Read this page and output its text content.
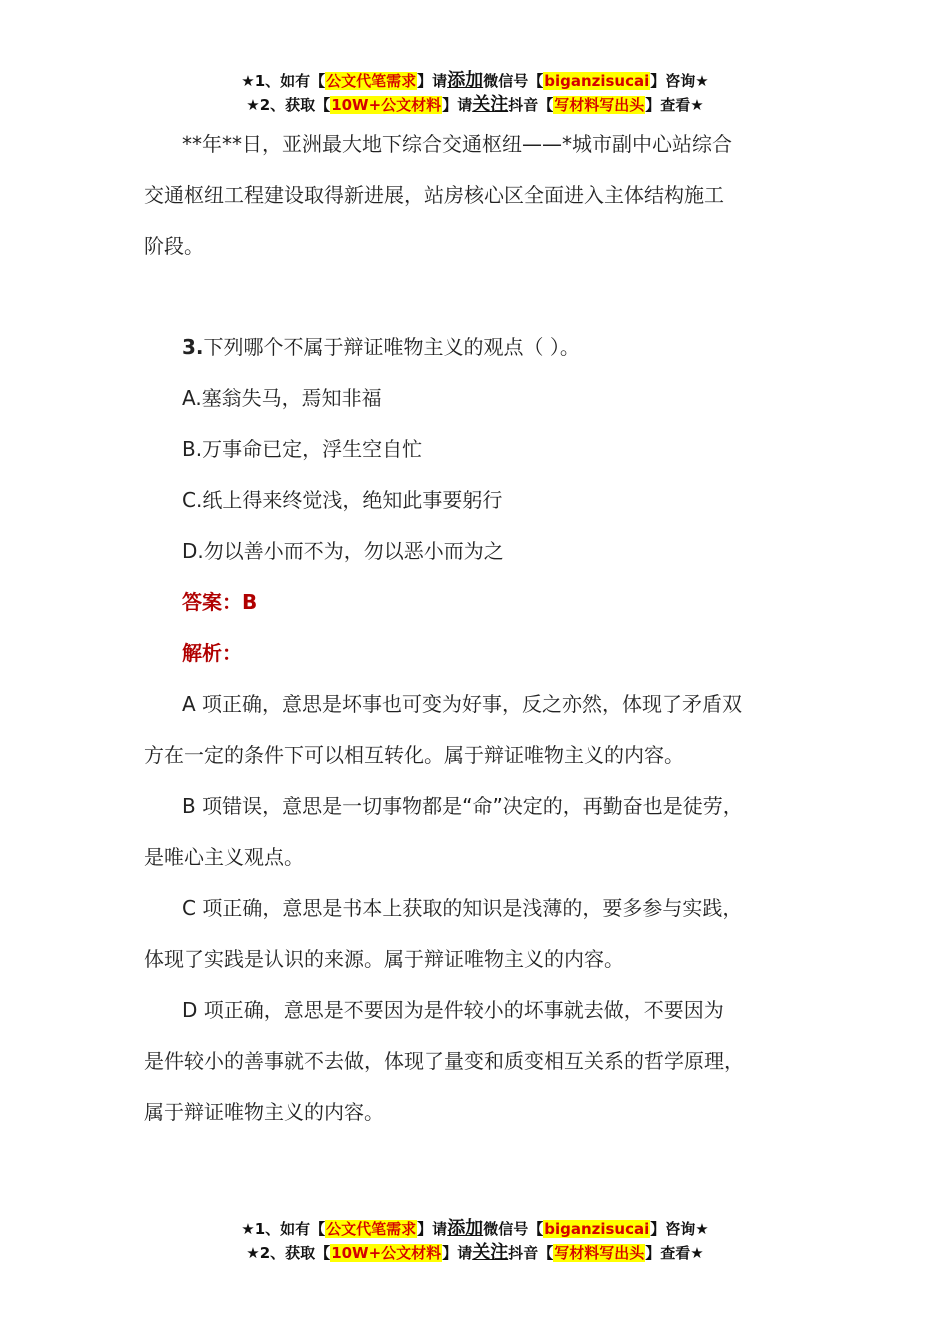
★1、如有【公文代笔需求】请添加微信号【biganzisucai】咨询★
★2、获取【10W+公文材料】请关注抖音【写材料写出头】查看★

**年**日，亚洲最大地下综合交通枢纽——*城市副中心站综合

交通枢纽工程建设取得新进展，站房核心区全面进入主体结构施工

阶段。

3.下列哪个不属于辩证唯物主义的观点（ ）。

A.塞翁失马，焉知非福

B.万事命已定，浮生空自忙

C.纸上得来终觉浅，绝知此事要躬行

D.勿以善小而不为，勿以恶小而为之

答案：B

解析：

A 项正确，意思是坏事也可变为好事，反之亦然，体现了矛盾双

方在一定的条件下可以相互转化。属于辩证唯物主义的内容。

B 项错误，意思是一切事物都是“命”决定的，再勤奋也是徒劳，

是唯心主义观点。

C 项正确，意思是书本上获取的知识是浅薄的，要多参与实践，

体现了实践是认识的来源。属于辩证唯物主义的内容。

D 项正确，意思是不要因为是件较小的坏事就去做，不要因为

是件较小的善事就不去做，体现了量变和质变相互关系的哲学原理，

属于辩证唯物主义的内容。

★1、如有【公文代笔需求】请添加微信号【biganzisucai】咨询★
★2、获取【10W+公文材料】请关注抖音【写材料写出头】查看★
